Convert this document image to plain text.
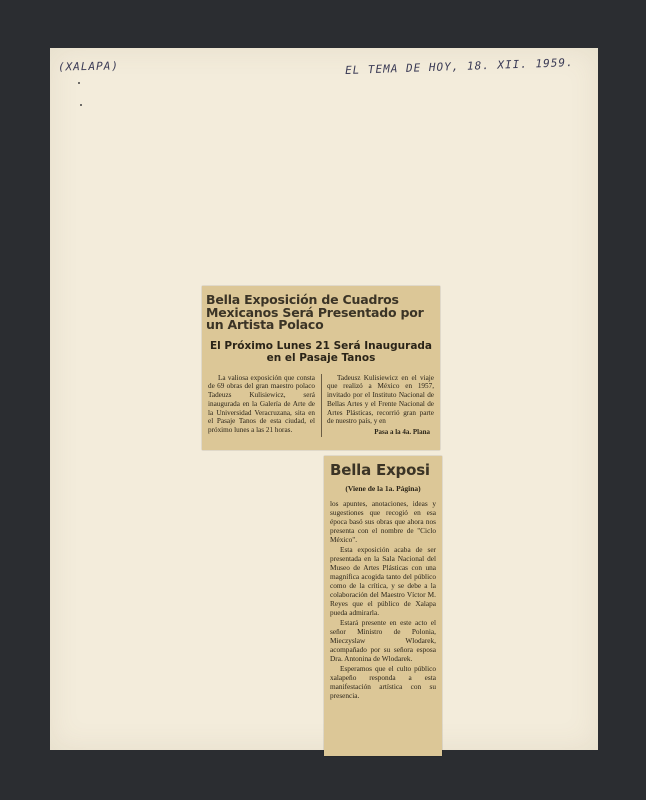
(XALAPA)	EL TEMA DE HOY, 18. XII. 1959.
Bella Exposición de Cuadros Mexicanos Será Presentado por un Artista Polaco
El Próximo Lunes 21 Será Inaugurada en el Pasaje Tanos

La valiosa exposición que consta de 69 obras del gran maestro polaco Tadeuzs Kulisiewicz, será inaugurada en la Galería de Arte de la Universidad Veracruzana, sita en el Pasaje Tanos de esta ciudad, el próximo lunes a las 21 horas.

Tadeusz Kulisiewicz en el viaje que realizó a México en 1957, invitado por el Instituto Nacional de Bellas Artes y el Frente Nacional de Artes Plásticas, recorrió gran parte de nuestro país, y en

Pasa a la 4a. Plana
Bella Exposi
(Viene de la 1a. Página)

los apuntes, anotaciones, ideas y sugestiones que recogió en esa época basó sus obras que ahora nos presenta con el nombre de "Ciclo México".

Esta exposición acaba de ser presentada en la Sala Nacional del Museo de Artes Plásticas con una magnífica acogida tanto del público como de la crítica, y se debe a la colaboración del Maestro Víctor M. Reyes que el público de Xalapa pueda admirarla.

Estará presente en este acto el señor Ministro de Polonia, Mieczyslaw Wlodarek, acompañado por su señora esposa Dra. Antonina de Wlodarek.

Esperamos que el culto público xalapeño responda a esta manifestación artística con su presencia.
